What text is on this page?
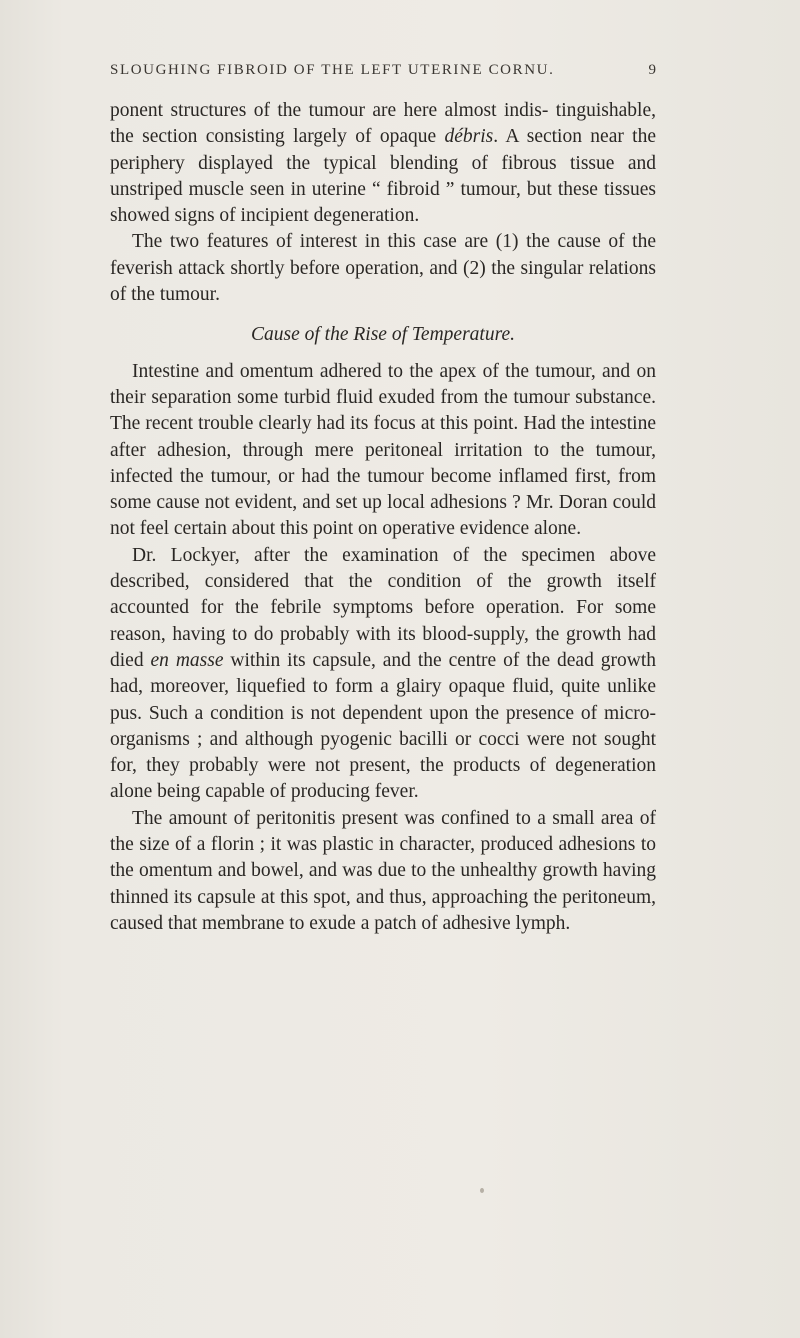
SLOUGHING FIBROID OF THE LEFT UTERINE CORNU.	9

ponent structures of the tumour are here almost indis- tinguishable, the section consisting largely of opaque débris. A section near the periphery displayed the typical blending of fibrous tissue and unstriped muscle seen in uterine “ fibroid ” tumour, but these tissues showed signs of incipient degeneration.

The two features of interest in this case are (1) the cause of the feverish attack shortly before operation, and (2) the singular relations of the tumour.

Cause of the Rise of Temperature.

Intestine and omentum adhered to the apex of the tumour, and on their separation some turbid fluid exuded from the tumour substance. The recent trouble clearly had its focus at this point. Had the intestine after adhesion, through mere peritoneal irritation to the tumour, infected the tumour, or had the tumour become inflamed first, from some cause not evident, and set up local adhesions ? Mr. Doran could not feel certain about this point on operative evidence alone.

Dr. Lockyer, after the examination of the specimen above described, considered that the condition of the growth itself accounted for the febrile symptoms before operation. For some reason, having to do probably with its blood-supply, the growth had died en masse within its capsule, and the centre of the dead growth had, moreover, liquefied to form a glairy opaque fluid, quite unlike pus. Such a condition is not dependent upon the presence of micro-organisms ; and although pyogenic bacilli or cocci were not sought for, they probably were not present, the products of degeneration alone being capable of producing fever.

The amount of peritonitis present was confined to a small area of the size of a florin ; it was plastic in character, produced adhesions to the omentum and bowel, and was due to the unhealthy growth having thinned its capsule at this spot, and thus, approaching the peritoneum, caused that membrane to exude a patch of adhesive lymph.
